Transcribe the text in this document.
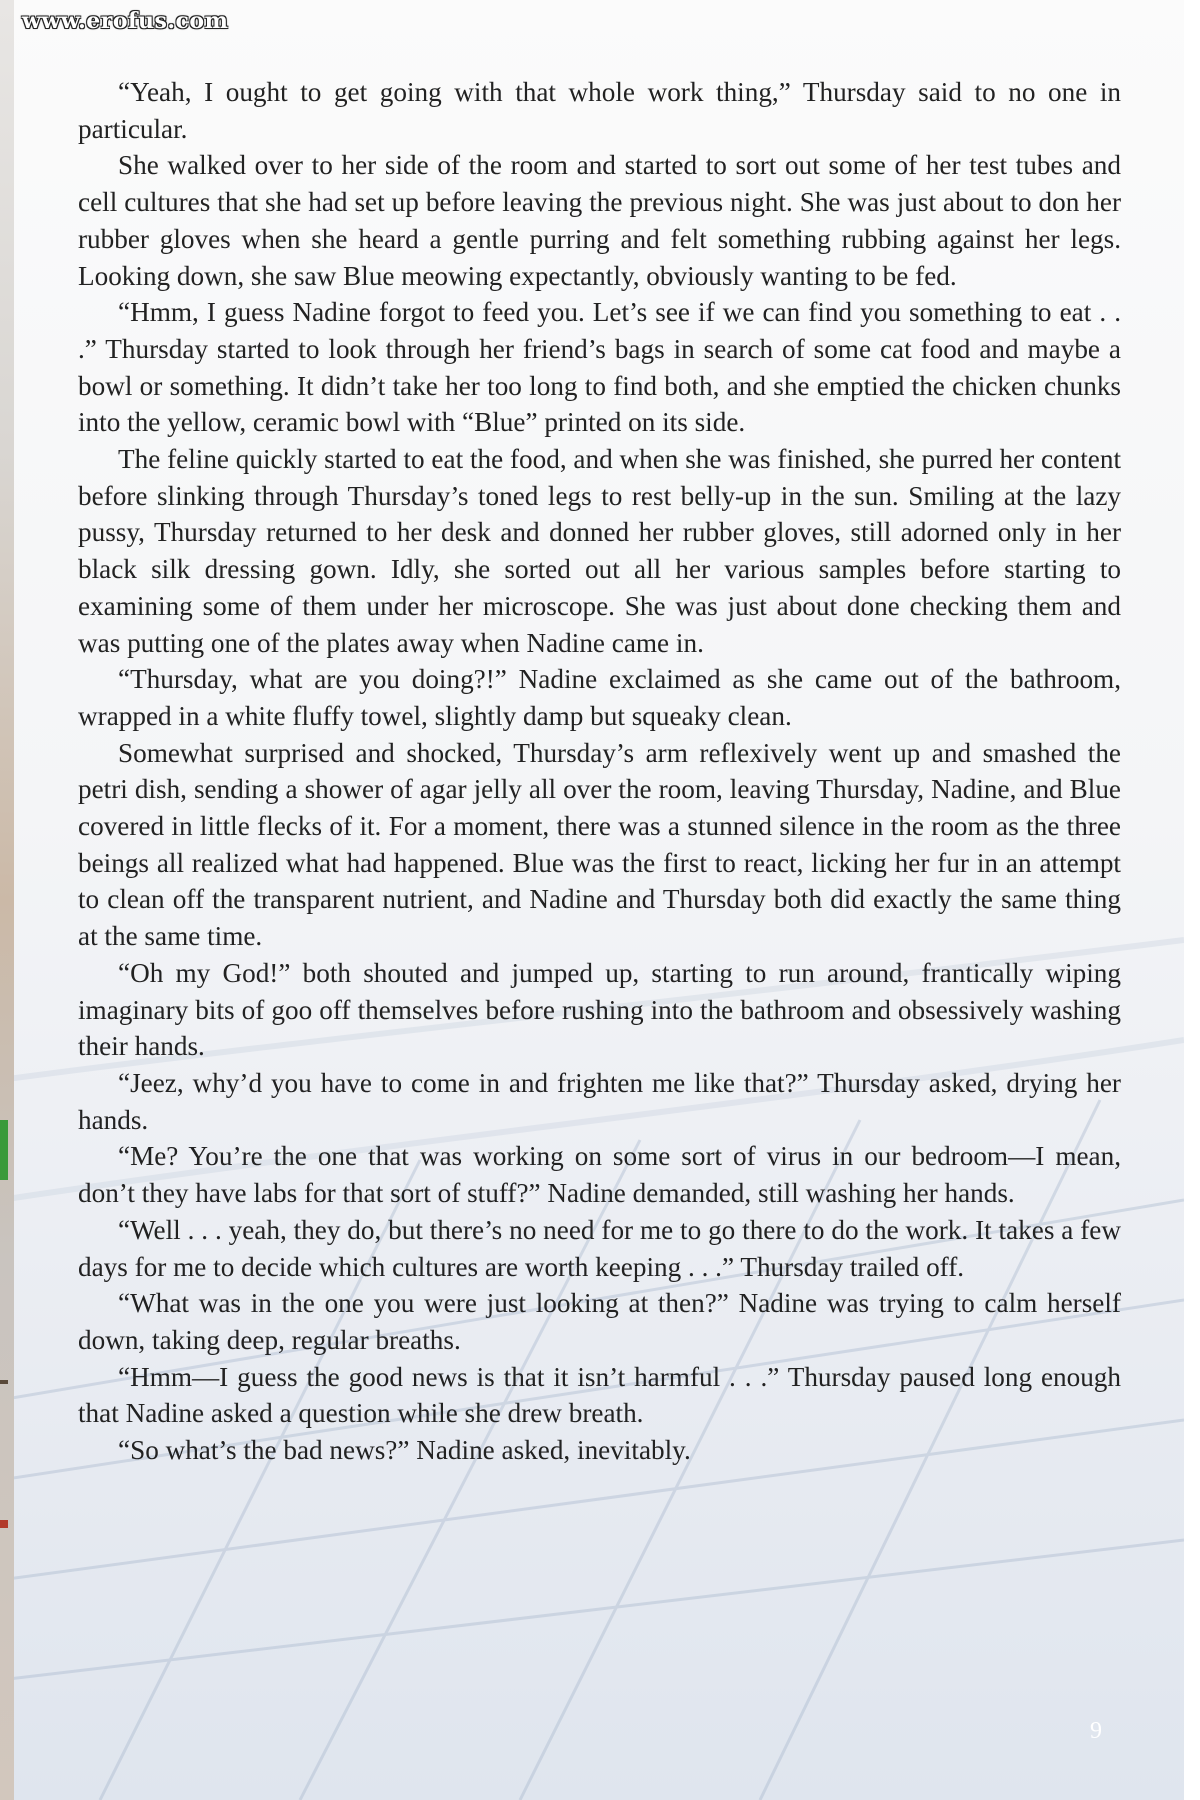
www.erofus.com

“Yeah, I ought to get going with that whole work thing,” Thursday said to no one in particular.

She walked over to her side of the room and started to sort out some of her test tubes and cell cultures that she had set up before leaving the previous night. She was just about to don her rubber gloves when she heard a gentle purring and felt something rubbing against her legs. Looking down, she saw Blue meowing expectantly, obviously wanting to be fed.

“Hmm, I guess Nadine forgot to feed you. Let’s see if we can find you something to eat . . .” Thursday started to look through her friend’s bags in search of some cat food and maybe a bowl or something. It didn’t take her too long to find both, and she emptied the chicken chunks into the yellow, ceramic bowl with “Blue” printed on its side.

The feline quickly started to eat the food, and when she was finished, she purred her content before slinking through Thursday’s toned legs to rest belly-up in the sun. Smiling at the lazy pussy, Thursday returned to her desk and donned her rubber gloves, still adorned only in her black silk dressing gown. Idly, she sorted out all her various samples before starting to examining some of them under her microscope. She was just about done checking them and was putting one of the plates away when Nadine came in.

“Thursday, what are you doing?!” Nadine exclaimed as she came out of the bathroom, wrapped in a white fluffy towel, slightly damp but squeaky clean.

Somewhat surprised and shocked, Thursday’s arm reflexively went up and smashed the petri dish, sending a shower of agar jelly all over the room, leaving Thursday, Nadine, and Blue covered in little flecks of it. For a moment, there was a stunned silence in the room as the three beings all realized what had happened. Blue was the first to react, licking her fur in an attempt to clean off the transparent nutrient, and Nadine and Thursday both did exactly the same thing at the same time.

“Oh my God!” both shouted and jumped up, starting to run around, frantically wiping imaginary bits of goo off themselves before rushing into the bathroom and obsessively washing their hands.

“Jeez, why’d you have to come in and frighten me like that?” Thursday asked, drying her hands.

“Me? You’re the one that was working on some sort of virus in our bedroom—I mean, don’t they have labs for that sort of stuff?” Nadine demanded, still washing her hands.

“Well . . . yeah, they do, but there’s no need for me to go there to do the work. It takes a few days for me to decide which cultures are worth keeping . . .” Thursday trailed off.

“What was in the one you were just looking at then?” Nadine was trying to calm herself down, taking deep, regular breaths.

“Hmm—I guess the good news is that it isn’t harmful . . .” Thursday paused long enough that Nadine asked a question while she drew breath.

“So what’s the bad news?” Nadine asked, inevitably.

9
